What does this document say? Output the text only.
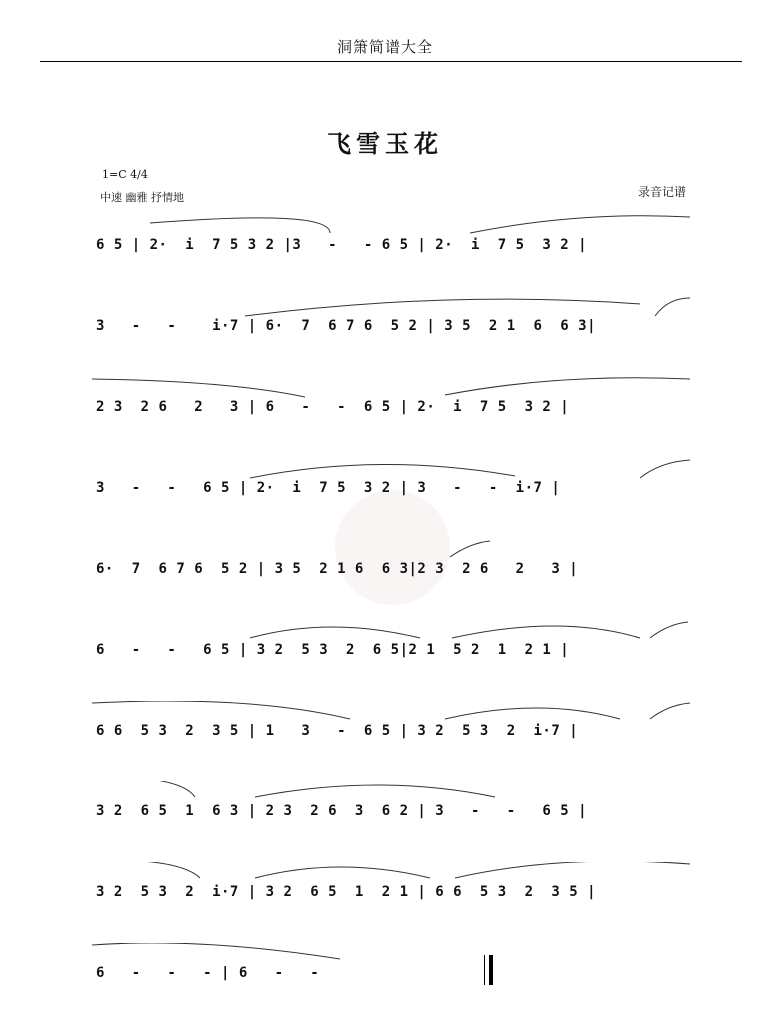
洞箫简谱大全
飞雪玉花
1=C 4/4
中速 幽雅 抒情地	录音记谱
6 5 | 2·  i  7 5 3 2 |3   -   - 6 5 | 2·  i  7 5  3 2 |
3   -   -    i·7 | 6·  7  6 7 6  5 2 | 3 5  2 1  6  6 3|
2 3  2 6   2   3 | 6   -   -  6 5 | 2·  i  7 5  3 2 |
3   -   -   6 5 | 2·  i  7 5  3 2 | 3   -   -  i·7 |
6·  7  6 7 6  5 2 | 3 5  2 1 6  6 3|2 3  2 6   2   3 |
6   -   -   6 5 | 3 2  5 3  2  6 5|2 1  5 2  1  2 1 |
6 6  5 3  2  3 5 | 1   3   -  6 5 | 3 2  5 3  2  i·7 |
3 2  6 5  1  6 3 | 2 3  2 6  3  6 2 | 3   -   -   6 5 |
3 2  5 3  2  i·7 | 3 2  6 5  1  2 1 | 6 6  5 3  2  3 5 |
6   -   -   - | 6   -   -
